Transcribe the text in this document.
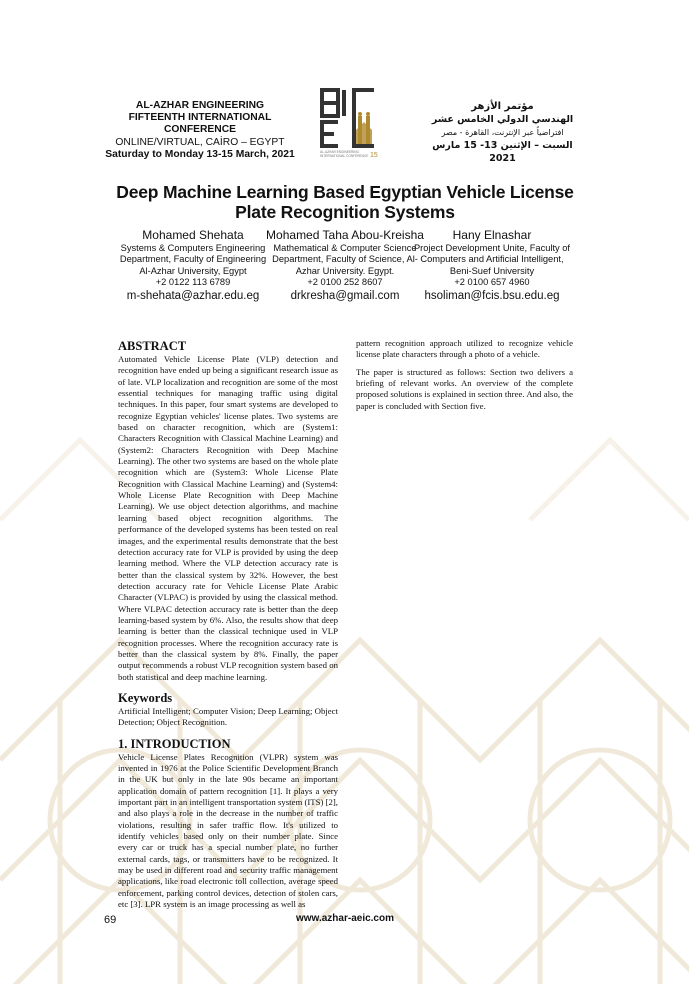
AL-AZHAR ENGINEERING
FIFTEENTH INTERNATIONAL
CONFERENCE
ONLINE/VIRTUAL, CAİRO – EGYPT
Saturday to Monday 13-15 March, 2021	AL-AZHAR ENGINEERING
INTERNATIONAL CONFERENCE 15
مؤتمر الأزهر
الهندسي الدولي الخامس عشر
افتراضياً عبر الإنترنت، القاهرة - مصر
السبت – الإثنين 13- 15 مارس 2021
Deep Machine Learning Based Egyptian Vehicle License
Plate Recognition Systems
Mohamed Shehata
Systems & Computers Engineering
Department, Faculty of Engineering
Al-Azhar University, Egypt
+2 0122 113 6789
m-shehata@azhar.edu.eg
Mohamed Taha Abou-Kreisha
Mathematical & Computer Science
Department, Faculty of Science, Al-
Azhar University. Egypt.
+2 0100 252 8607
drkresha@gmail.com
Hany Elnashar
Project Development Unite, Faculty of
Computers and Artificial Intelligent,
Beni-Suef University
+2 0100 657 4960
hsoliman@fcis.bsu.edu.eg
ABSTRACT

Automated Vehicle License Plate (VLP) detection and recognition have ended up being a significant research issue as of late. VLP localization and recognition are some of the most essential techniques for managing traffic using digital techniques. In this paper, four smart systems are developed to recognize Egyptian vehicles' license plates. Two systems are based on character recognition, which are (System1: Characters Recognition with Classical Machine Learning) and (System2: Characters Recognition with Deep Machine Learning). The other two systems are based on the whole plate recognition which are (System3: Whole License Plate Recognition with Classical Machine Learning) and (System4: Whole License Plate Recognition with Deep Machine Learning). We use object detection algorithms, and machine learning based object recognition algorithms. The performance of the developed systems has been tested on real images, and the experimental results demonstrate that the best detection accuracy rate for VLP is provided by using the deep learning method. Where the VLP detection accuracy rate is better than the classical system by 32%. However, the best detection accuracy rate for Vehicle License Plate Arabic Character (VLPAC) is provided by using the classical method. Where VLPAC detection accuracy rate is better than the deep learning-based system by 6%. Also, the results show that deep learning is better than the classical technique used in VLP recognition processes. Where the recognition accuracy rate is better than the classical system by 8%. Finally, the paper output recommends a robust VLP recognition system based on both statistical and deep machine learning.

Keywords

Artificial Intelligent; Computer Vision; Deep Learning; Object Detection; Object Recognition.

1. INTRODUCTION

Vehicle License Plates Recognition (VLPR) system was invented in 1976 at the Police Scientific Development Branch in the UK but only in the late 90s became an important application domain of pattern recognition [1]. It plays a very important part in an intelligent transportation system (ITS) [2], and also plays a role in the decrease in the number of traffic violations, resulting in safer traffic flow. It's utilized to identify vehicles based only on their number plate. Since every car or truck has a special number plate, no further external cards, tags, or transmitters have to be recognized. It may be used in different road and security traffic management applications, like road electronic toll collection, average speed enforcement, parking control devices, detection of stolen cars, etc [3]. LPR system is an image processing as well as

pattern recognition approach utilized to recognize vehicle license plate characters through a photo of a vehicle.

The paper is structured as follows: Section two delivers a briefing of relevant works. An overview of the complete proposed solutions is explained in section three. And also, the paper is concluded with Section five.

69	www.azhar-aeic.com
